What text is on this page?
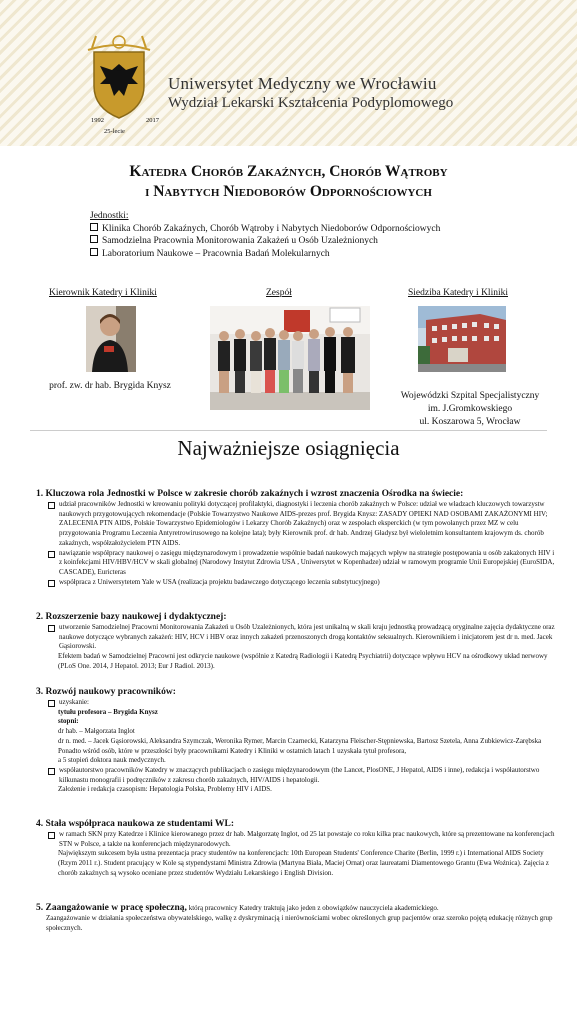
1992	2017
25-lecie
Uniwersytet Medyczny we Wrocławiu
Wydział Lekarski Kształcenia Podyplomowego
Katedra Chorób Zakaźnych, Chorób Wątroby
i Nabytych Niedoborów Odpornościowych
Jednostki:
Klinika Chorób Zakaźnych, Chorób Wątroby i Nabytych Niedoborów Odpornościowych
Samodzielna Pracownia Monitorowania Zakażeń u Osób Uzależnionych
Laboratorium Naukowe – Pracownia Badań Molekularnych
Kierownik Katedry i Kliniki	Zespół	Siedziba Katedry i Kliniki
prof. zw. dr hab. Brygida Knysz
Wojewódzki Szpital Specjalistyczny
im. J.Gromkowskiego
ul. Koszarowa 5, Wrocław
Najważniejsze osiągnięcia
1. Kluczowa rola Jednostki w Polsce w zakresie chorób zakaźnych i wzrost znaczenia Ośrodka na świecie:
udział pracowników Jednostki w kreowaniu polityki dotyczącej profilaktyki, diagnostyki i leczenia chorób zakaźnych w Polsce: udział we władzach kluczowych towarzystw naukowych przygotowujących rekomendacje (Polskie Towarzystwo Naukowe AIDS-prezes prof. Brygida Knysz: ZASADY OPIEKI NAD OSOBAMI ZAKAŻONYMI HIV; ZALECENIA PTN AIDS, Polskie Towarzystwo Epidemiologów i Lekarzy Chorób Zakaźnych) oraz w zespołach eksperckich (w tym powołanych przez MZ w celu przygotowania Programu Leczenia Antyretrowirusowego na kolejne lata); były Kierownik prof. dr hab. Andrzej Gładysz był wieloletnim konsultantem krajowym ds. chorób zakaźnych, współzałożycielem PTN AIDS.
nawiązanie współpracy naukowej o zasięgu międzynarodowym i prowadzenie wspólnie badań naukowych mających wpływ na strategie postępowania u osób zakażonych HIV i z koinfekcjami HIV/HBV/HCV w skali globalnej (Narodowy Instytut Zdrowia USA , Uniwersytet w Kopenhadze) udział w ramowym programie Unii Europejskiej (EuroSIDA, CASCADE), Euricteras
współpraca z Uniwersytetem Yale w USA (realizacja projektu badawczego dotyczącego leczenia substytucyjnego)
2. Rozszerzenie bazy naukowej i dydaktycznej:
utworzenie Samodzielnej Pracowni Monitorowania Zakażeń u Osób Uzależnionych, która jest unikalną w skali kraju jednostką prowadzącą oryginalne zajęcia dydaktyczne oraz naukowe dotyczące wybranych zakażeń: HIV, HCV i HBV oraz innych zakażeń przenoszonych drogą kontaktów seksualnych. Kierownikiem i inicjatorem jest dr n. med. Jacek Gąsiorowski.
Efektem badań w Samodzielnej Pracowni jest odkrycie naukowe (wspólnie z Katedrą Radiologii i Katedrą Psychiatrii) dotyczące wpływu HCV na ośrodkowy układ nerwowy (PLoS One. 2014, J Hepatol. 2013; Eur J Radiol. 2013).
3. Rozwój naukowy pracowników:
uzyskanie:
tytułu profesora – Brygida Knysz
stopni:
dr hab. – Małgorzata Inglot
dr n. med. – Jacek Gąsiorowski, Aleksandra Szymczak, Weronika Rymer, Marcin Czarnecki, Katarzyna Fleischer-Stępniewska, Bartosz Szetela, Anna Zubkiewicz-Zarębska
Ponadto wśród osób, które w przeszłości były pracownikami Katedry i Kliniki w ostatnich latach 1 uzyskała tytuł profesora,
a 5 stopień doktora nauk medycznych.
współautorstwo pracowników Katedry w znaczących publikacjach o zasięgu międzynarodowym (the Lancet, PlosONE, J Hepatol, AIDS i inne), redakcja i współautorstwo kilkunastu monografii i podręczników z zakresu chorób zakaźnych, HIV/AIDS i hepatologii.
Założenie i redakcja czasopism: Hepatologia Polska, Problemy HIV i AIDS.
4. Stała współpraca naukowa ze studentami WL:
w ramach SKN przy Katedrze i Klinice kierowanego przez dr hab. Małgorzatę Inglot, od 25 lat powstaje co roku kilka prac naukowych, które są prezentowane na konferencjach STN w Polsce, a także na konferencjach międzynarodowych.
Największym sukcesem była ustna prezentacja pracy studentów na konferencjach: 10th European Students' Conference Charite (Berlin, 1999 r.) i International AIDS Society (Rzym 2011 r.). Student pracujący w Kole są stypendystami Ministra Zdrowia (Martyna Biała, Maciej Ornat) oraz laureatami Diamentowego Grantu (Ewa Woźnica). Zajęcia z chorób zakaźnych są wysoko oceniane przez studentów Wydziału Lekarskiego i English Division.
5. Zaangażowanie w pracę społeczną, którą pracownicy Katedry traktują jako jeden z obowiązków nauczyciela akademickiego.
Zaangażowanie w działania społeczeństwa obywatelskiego, walkę z dyskryminacją i nierównościami wobec określonych grup pacjentów oraz szeroko pojętą edukację różnych grup społecznych.
